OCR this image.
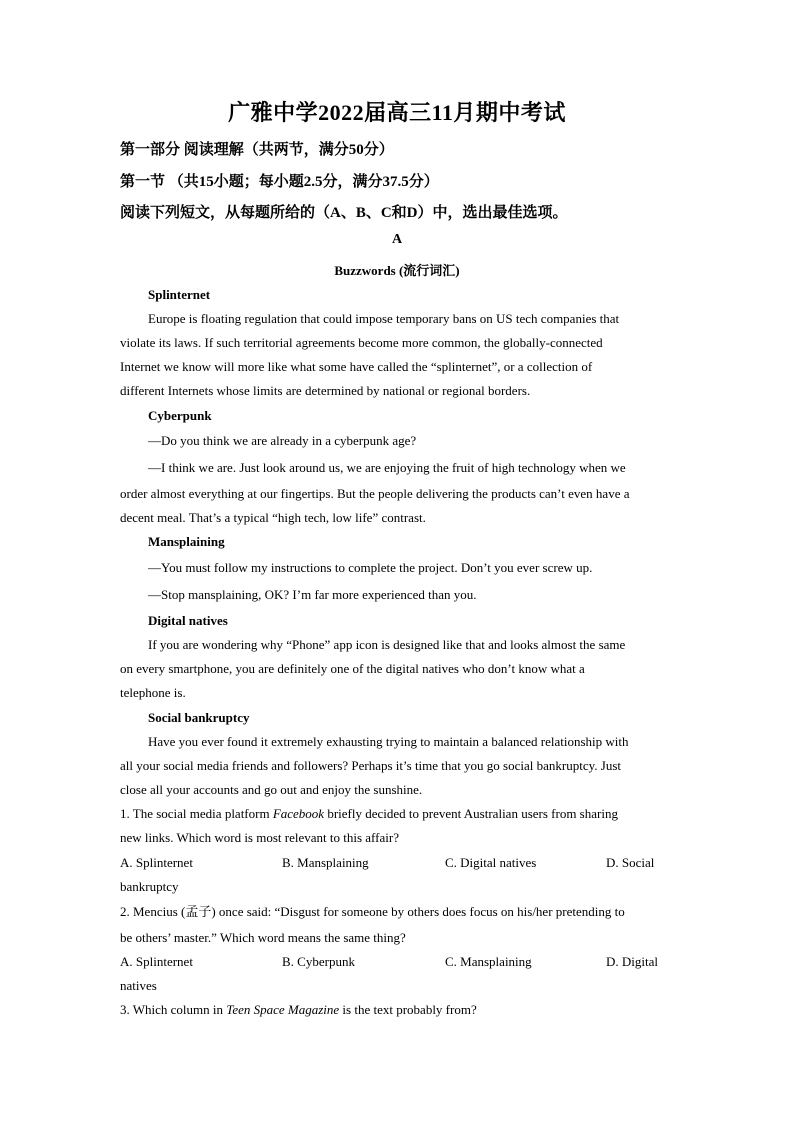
广雅中学2022届高三11月期中考试
第一部分 阅读理解（共两节，满分50分）
第一节 （共15小题；每小题2.5分，满分37.5分）
阅读下列短文，从每题所给的（A、B、C和D）中，选出最佳选项。
A
Buzzwords (流行词汇)
Splinternet
Europe is floating regulation that could impose temporary bans on US tech companies that
violate its laws. If such territorial agreements become more common, the globally-connected
Internet we know will more like what some have called the “splinternet”, or a collection of
different Internets whose limits are determined by national or regional borders.
Cyberpunk
—Do you think we are already in a cyberpunk age?
—I think we are. Just look around us, we are enjoying the fruit of high technology when we
order almost everything at our fingertips. But the people delivering the products can’t even have a
decent meal. That’s a typical “high tech, low life” contrast.
Mansplaining
—You must follow my instructions to complete the project. Don’t you ever screw up.
—Stop mansplaining, OK? I’m far more experienced than you.
Digital natives
If you are wondering why “Phone” app icon is designed like that and looks almost the same
on every smartphone, you are definitely one of the digital natives who don’t know what a
telephone is.
Social bankruptcy
Have you ever found it extremely exhausting trying to maintain a balanced relationship with
all your social media friends and followers? Perhaps it’s time that you go social bankruptcy. Just
close all your accounts and go out and enjoy the sunshine.
1. The social media platform Facebook briefly decided to prevent Australian users from sharing
new links. Which word is most relevant to this affair?
A. Splinternet	B. Mansplaining	C. Digital natives	D. Social
bankruptcy
2. Mencius (孟子) once said: “Disgust for someone by others does focus on his/her pretending to
be others’ master.” Which word means the same thing?
A. Splinternet	B. Cyberpunk	C. Mansplaining	D. Digital
natives
3. Which column in Teen Space Magazine is the text probably from?
